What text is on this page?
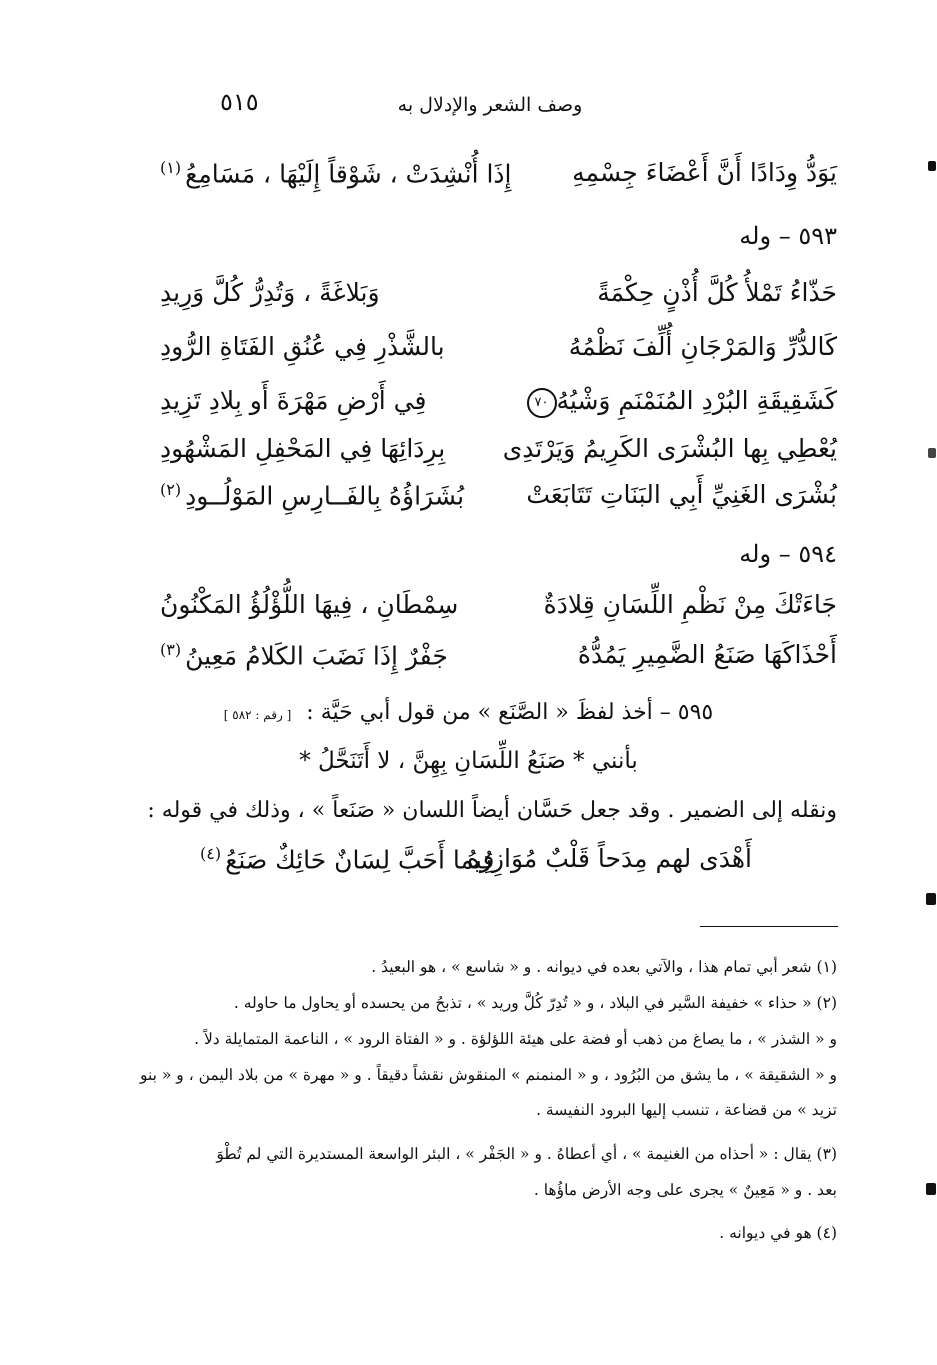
٥١٥	وصف الشعر والإدلال به
يَوَدُّ وِدَادًا أَنَّ أَعْضَاءَ جِسْمِهِ
إِذَا أُنْشِدَتْ ، شَوْقاً إِلَيْهَا ، مَسَامِعُ$^{(١)}$
٥٩٣ – وله
حَذّاءُ تَمْلأُ كُلَّ أُذْنٍ حِكْمَةً
وَبَلاغَةً ، وَتُدِرُّ كُلَّ وَرِيدِ
كَالدُّرِّ وَالمَرْجَانِ أُلِّفَ نَظْمُهُ
بالشَّذْرِ فِي عُنُقِ الفَتَاةِ الرُّودِ
كَشَقِيقَةِ البُرْدِ المُنَمْنَمِ وَشْيُهُ٧٠
فِي أَرْضِ مَهْرَةَ أَو بِلادِ تَزِيدِ
يُعْطِي بِها البُشْرَى الكَرِيمُ وَيَرْتَدِى
بِرِدَائِهَا فِي المَحْفِلِ المَشْهُودِ
بُشْرَى الغَنِيِّ أَبِي البَنَاتِ تَتَابَعَتْ
بُشَرَاؤُهُ بِالفَــارِسِ المَوْلُــودِ$^{(٢)}$
٥٩٤ – وله
جَاءَتْكَ مِنْ نَظْمِ اللِّسَانِ قِلادَةٌ
سِمْطَانِ ، فِيهَا اللُّؤْلُؤُ المَكْنُونُ
أَحْذَاكَهَا صَنَعُ الضَّمِيرِ يَمُدُّهُ
جَفْرٌ إِذَا نَضَبَ الكَلامُ مَعِينُ$^{(٣)}$
٥٩٥ – أخذ لفظَ « الصَّنَع » من قول أبي حَيَّة : [ رقم : ٥٨٢ ]
بأنني * صَنَعُ اللِّسَانِ بِهِنَّ ، لا أَتَنَحَّلُ *
ونقله إلى الضمير . وقد جعل حَسَّان أيضاً اللسان « صَنَعاً » ، وذلك في قوله :
أَهْدَى لهم مِدَحاً قَلْبٌ مُوَازِرُهُ
فِيما أَحَبَّ لِسَانٌ حَائِكٌ صَنَعُ$^{(٤)}$
(١) شعر أبي تمام هذا ، والآتي بعده في ديوانه . و « شاسع » ، هو البعيدُ .
(٢) « حذاء » خفيفة السَّير في البلاد ، و « تُدِرّ كُلَّ وريد » ، تذبحُ من يحسده أو يحاول ما حاوله .
و « الشذر » ، ما يصاغ من ذهب أو فضة على هيئة اللؤلؤة . و « الفتاة الرود » ، الناعمة المتمايلة دلاً .
و « الشقيقة » ، ما يشق من البُرُود ، و « المنمنم » المنقوش نقشاً دقيقاً . و « مهرة » من بلاد اليمن ، و « بنو
تزيد » من قضاعة ، تنسب إليها البرود النفيسة .
(٣) يقال : « أحذاه من الغنيمة » ، أي أعطاهُ . و « الجَفْر » ، البئر الواسعة المستديرة التي لم تُطْوَ
بعد . و « مَعِينٌ » يجرى على وجه الأرض ماؤُها .
(٤) هو في ديوانه .
